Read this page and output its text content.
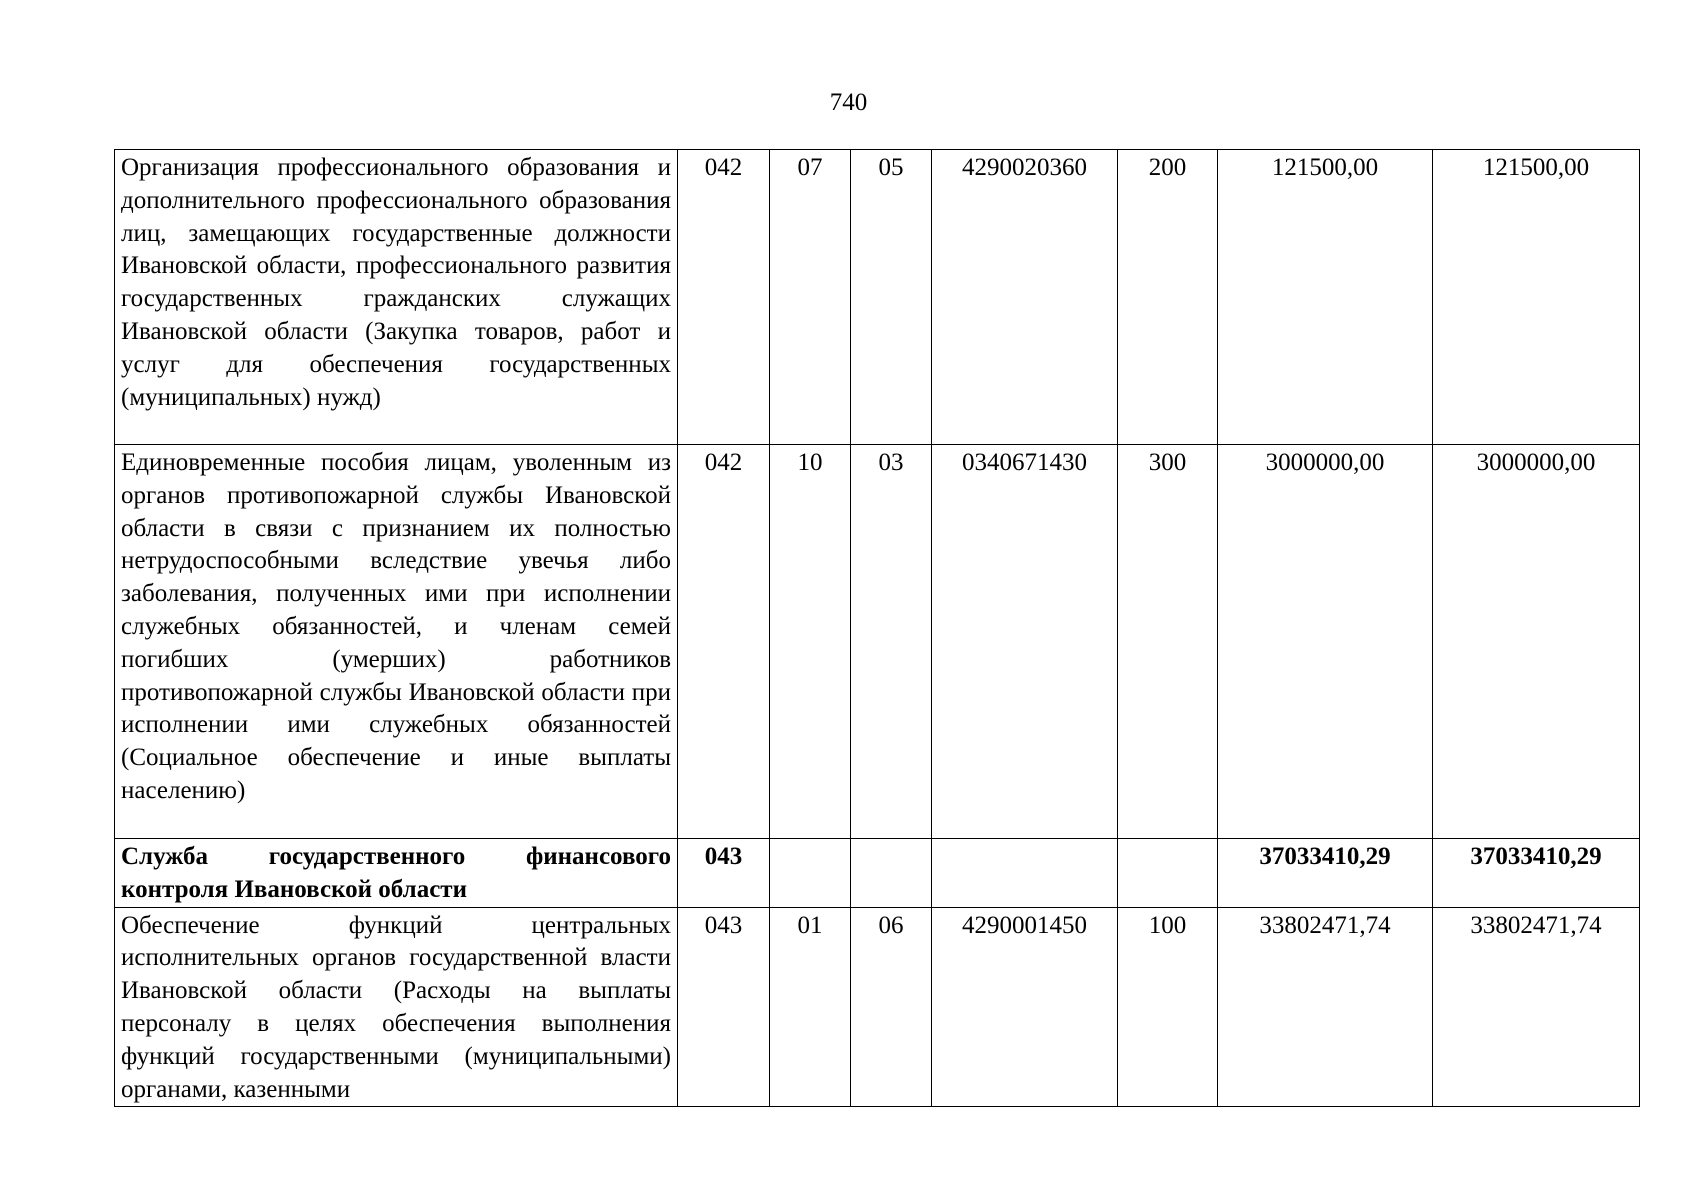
740
Организация профессионального образования и дополнительного профессионального образования лиц, замещающих государственные должности Ивановской области, профессионального развития государственных гражданских служащих Ивановской области (Закупка товаров, работ и услуг для обеспечения государственных (муниципальных) нужд)	042	07	05	4290020360	200	121500,00	121500,00
Единовременные пособия лицам, уволенным из органов противопожарной службы Ивановской области в связи с признанием их полностью нетрудоспособными вследствие увечья либо заболевания, полученных ими при исполнении служебных обязанностей, и членам семей погибших (умерших) работников противопожарной службы Ивановской области при исполнении ими служебных обязанностей (Социальное обеспечение и иные выплаты населению)	042	10	03	0340671430	300	3000000,00	3000000,00
Служба государственного финансового контроля Ивановской области	043					37033410,29	37033410,29
Обеспечение функций центральных исполнительных органов государственной власти Ивановской области (Расходы на выплаты персоналу в целях обеспечения выполнения функций государственными (муниципальными) органами, казенными	043	01	06	4290001450	100	33802471,74	33802471,74
